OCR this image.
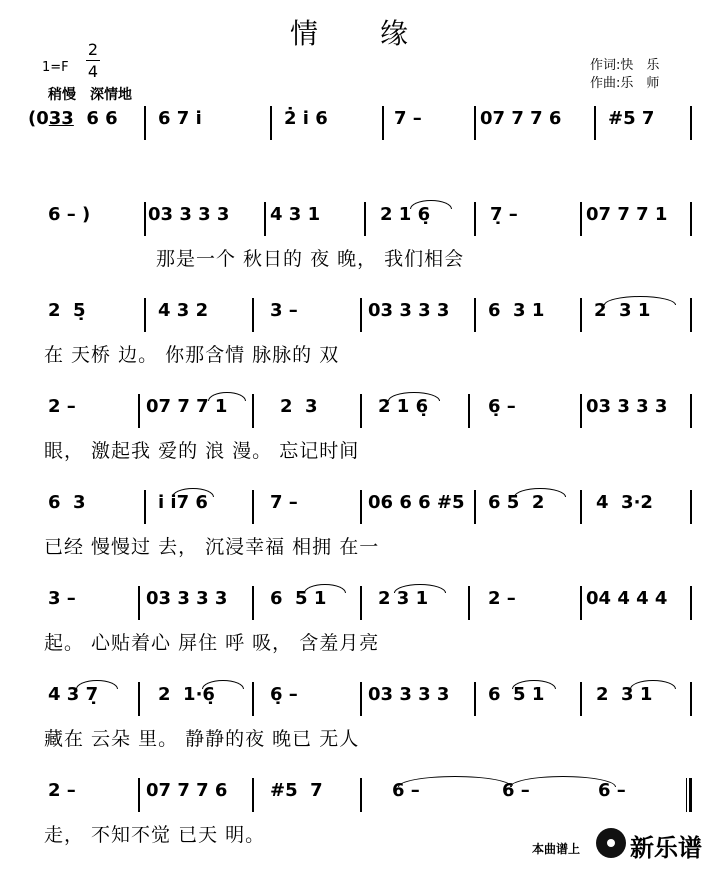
情　　缘
1=F
2
4
稍慢　深情地
作词:快　乐
作曲:乐　师
(033  6 6 6 7 i̇	2̇ i̇ 6	7 –	07 7 7 6	#5 7
6 – )	03 3 3 3 4 3 1	2 1 6̣	7̣ –	07 7 7 1
那是一个 秋日的 夜 晚， 我们相会
2  5̣	4 3 2	3 –	03 3 3 3 6  3 1	2  3 1
在 天桥 边。 你那含情 脉脉的 双
2 –	07 7 7 1	2  3	2 1 6̣	6̣ –	03 3 3 3
眼， 激起我 爱的 浪 漫。 忘记时间
6  3	i̇ i̇7 6	7 –	06 6 6 #5 6 5  2	4  3·2
已经 慢慢过 去， 沉浸幸福 相拥 在一
3 –	03 3 3 3 6  5 1	2 3 1	2 –	04 4 4 4
起。 心贴着心 屏住 呼 吸， 含羞月亮
4 3 7̣	2  1·6̣	6̣ –	03 3 3 3 6  5 1	2  3 1
藏在 云朵 里。 静静的夜 晚已 无人
2 –	07 7 7 6 #5  7	6 –	6 –	6 –
走， 不知不觉 已天 明。
本曲谱上 新乐谱
